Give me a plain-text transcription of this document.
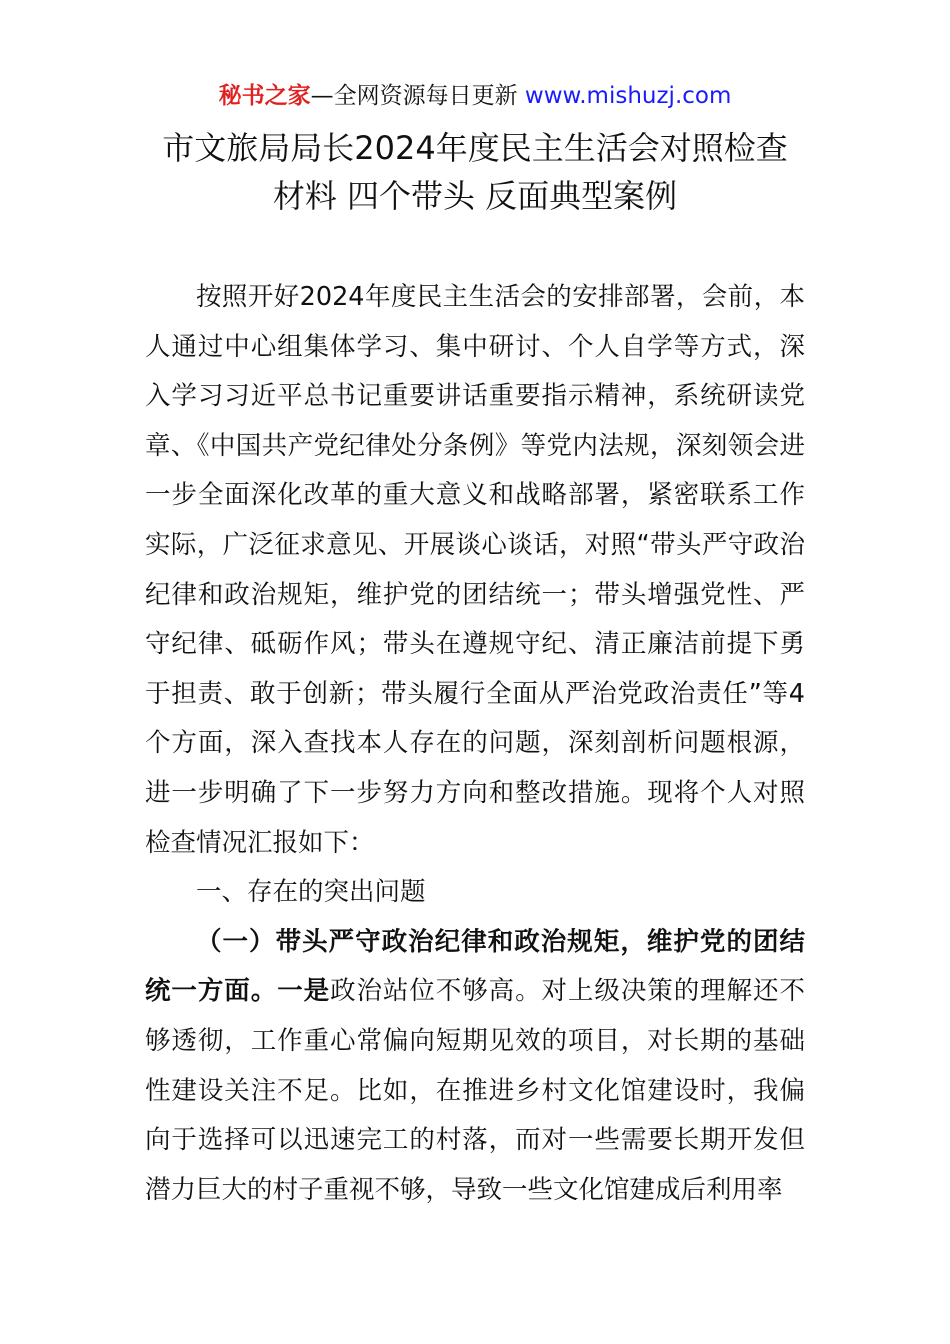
秘书之家—全网资源每日更新 www.mishuzj.com
市文旅局局长2024年度民主生活会对照检查
材料 四个带头 反面典型案例

按照开好2024年度民主生活会的安排部署，会前，本人通过中心组集体学习、集中研讨、个人自学等方式，深入学习习近平总书记重要讲话重要指示精神，系统研读党章、《中国共产党纪律处分条例》等党内法规，深刻领会进一步全面深化改革的重大意义和战略部署，紧密联系工作实际，广泛征求意见、开展谈心谈话，对照“带头严守政治纪律和政治规矩，维护党的团结统一；带头增强党性、严守纪律、砥砺作风；带头在遵规守纪、清正廉洁前提下勇于担责、敢于创新；带头履行全面从严治党政治责任”等4个方面，深入查找本人存在的问题，深刻剖析问题根源，进一步明确了下一步努力方向和整改措施。现将个人对照检查情况汇报如下：

一、存在的突出问题

（一）带头严守政治纪律和政治规矩，维护党的团结统一方面。一是政治站位不够高。对上级决策的理解还不够透彻，工作重心常偏向短期见效的项目，对长期的基础性建设关注不足。比如，在推进乡村文化馆建设时，我偏向于选择可以迅速完工的村落，而对一些需要长期开发但潜力巨大的村子重视不够，导致一些文化馆建成后利用率
